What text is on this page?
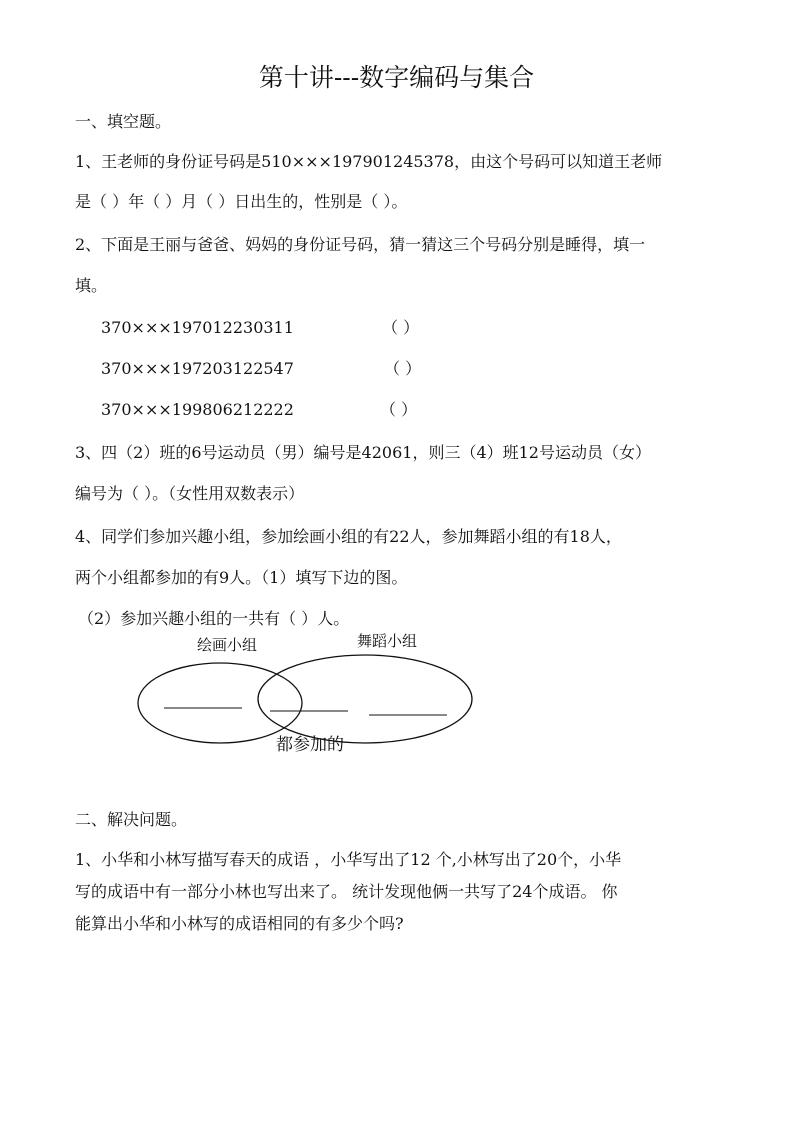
第十讲---数字编码与集合
一、填空题。
1、王老师的身份证号码是510×××197901245378，由这个号码可以知道王老师
是（ ）年（ ）月（ ）日出生的，性别是（ ）。
2、下面是王丽与爸爸、妈妈的身份证号码，猜一猜这三个号码分别是睡得，填一
填。
370×××197012230311	（ ）
370×××197203122547	（ ）
370×××199806212222	（ ）
3、四（2）班的6号运动员（男）编号是42061，则三（4）班12号运动员（女）
编号为（ ）。（女性用双数表示）
4、同学们参加兴趣小组，参加绘画小组的有22人，参加舞蹈小组的有18人，
两个小组都参加的有9人。（1）填写下边的图。
（2）参加兴趣小组的一共有（ ）人。
绘画小组	舞蹈小组
都参加的
二、解决问题。
1、小华和小林写描写春天的成语 ，小华写出了12 个,小林写出了20个，小华
写的成语中有一部分小林也写出来了。 统计发现他俩一共写了24个成语。 你
能算出小华和小林写的成语相同的有多少个吗?
